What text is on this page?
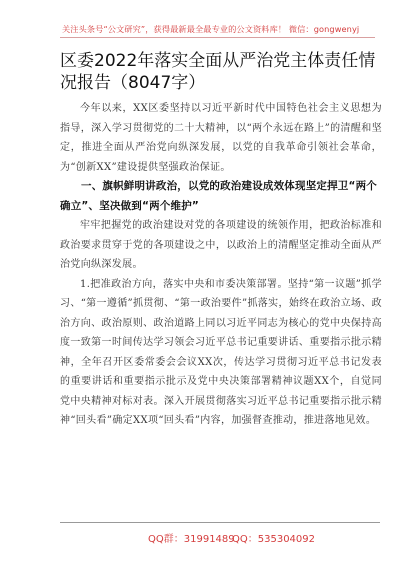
关注头条号“公文研究”，获得最新最全最专业的公文资料库！ 微信：gongwenyj
区委2022年落实全面从严治党主体责任情况报告（8047字）

今年以来，XX区委坚持以习近平新时代中国特色社会主义思想为指导，深入学习贯彻党的二十大精神，以“两个永远在路上”的清醒和坚定，推进全面从严治党向纵深发展，以党的自我革命引领社会革命，为“创新XX”建设提供坚强政治保证。

一、旗帜鲜明讲政治，以党的政治建设成效体现坚定捍卫“两个确立”、坚决做到“两个维护”

牢牢把握党的政治建设对党的各项建设的统领作用，把政治标准和政治要求贯穿于党的各项建设之中，以政治上的清醒坚定推动全面从严治党向纵深发展。

1.把准政治方向，落实中央和市委决策部署。坚持“第一议题”抓学习、“第一遵循”抓贯彻、“第一政治要件”抓落实，始终在政治立场、政治方向、政治原则、政治道路上同以习近平同志为核心的党中央保持高度一致第一时间传达学习领会习近平总书记重要讲话、重要指示批示精神，全年召开区委常委会会议XX次，传达学习贯彻习近平总书记发表的重要讲话和重要指示批示及党中央决策部署精神议题XX个，自觉同党中央精神对标对表。深入开展贯彻落实习近平总书记重要指示批示精神“回头看”确定XX项“回头看”内容，加强督查推动，推进落地见效。

QQ群：31991489
QQ：535304092
